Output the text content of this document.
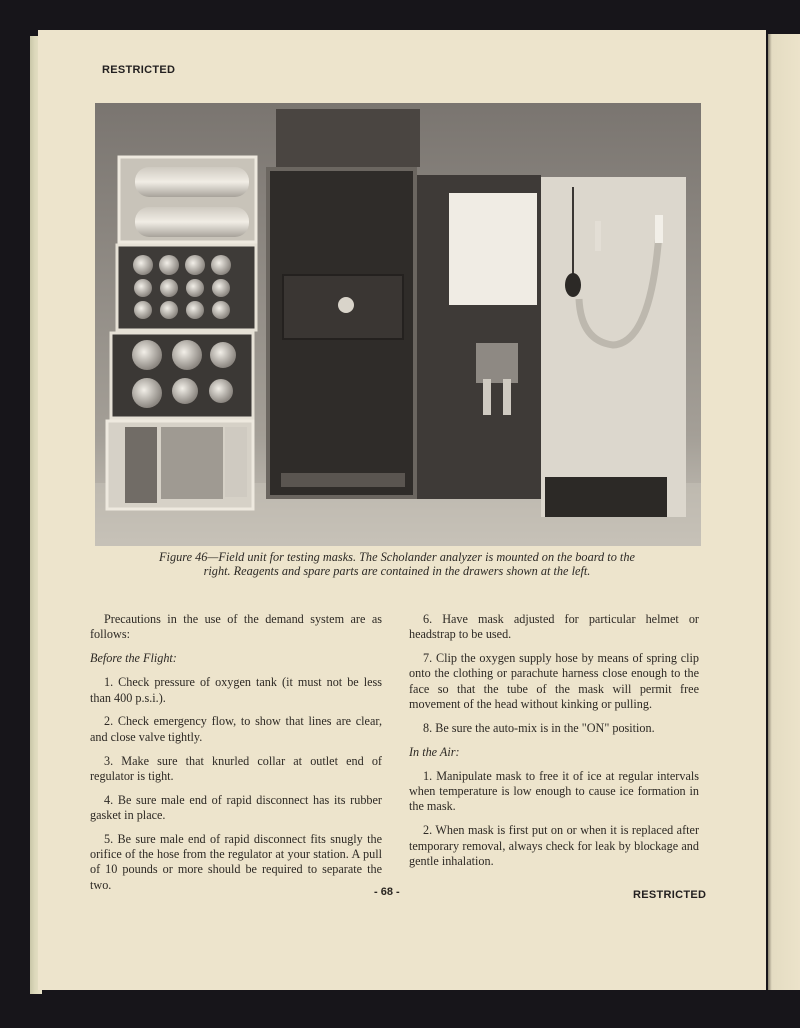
RESTRICTED
Figure 46—Field unit for testing masks. The Scholander analyzer is mounted on the board to the right. Reagents and spare parts are contained in the drawers shown at the left.

Precautions in the use of the demand system are as follows:

Before the Flight:

1. Check pressure of oxygen tank (it must not be less than 400 p.s.i.).

2. Check emergency flow, to show that lines are clear, and close valve tightly.

3. Make sure that knurled collar at outlet end of regulator is tight.

4. Be sure male end of rapid disconnect has its rubber gasket in place.

5. Be sure male end of rapid disconnect fits snugly the orifice of the hose from the regulator at your station. A pull of 10 pounds or more should be required to separate the two.

6. Have mask adjusted for particular helmet or headstrap to be used.

7. Clip the oxygen supply hose by means of spring clip onto the clothing or parachute harness close enough to the face so that the tube of the mask will permit free movement of the head without kinking or pulling.

8. Be sure the auto-mix is in the "ON" position.

In the Air:

1. Manipulate mask to free it of ice at regular intervals when temperature is low enough to cause ice formation in the mask.

2. When mask is first put on or when it is replaced after temporary removal, always check for leak by blockage and gentle inhalation.

- 68 -	RESTRICTED
